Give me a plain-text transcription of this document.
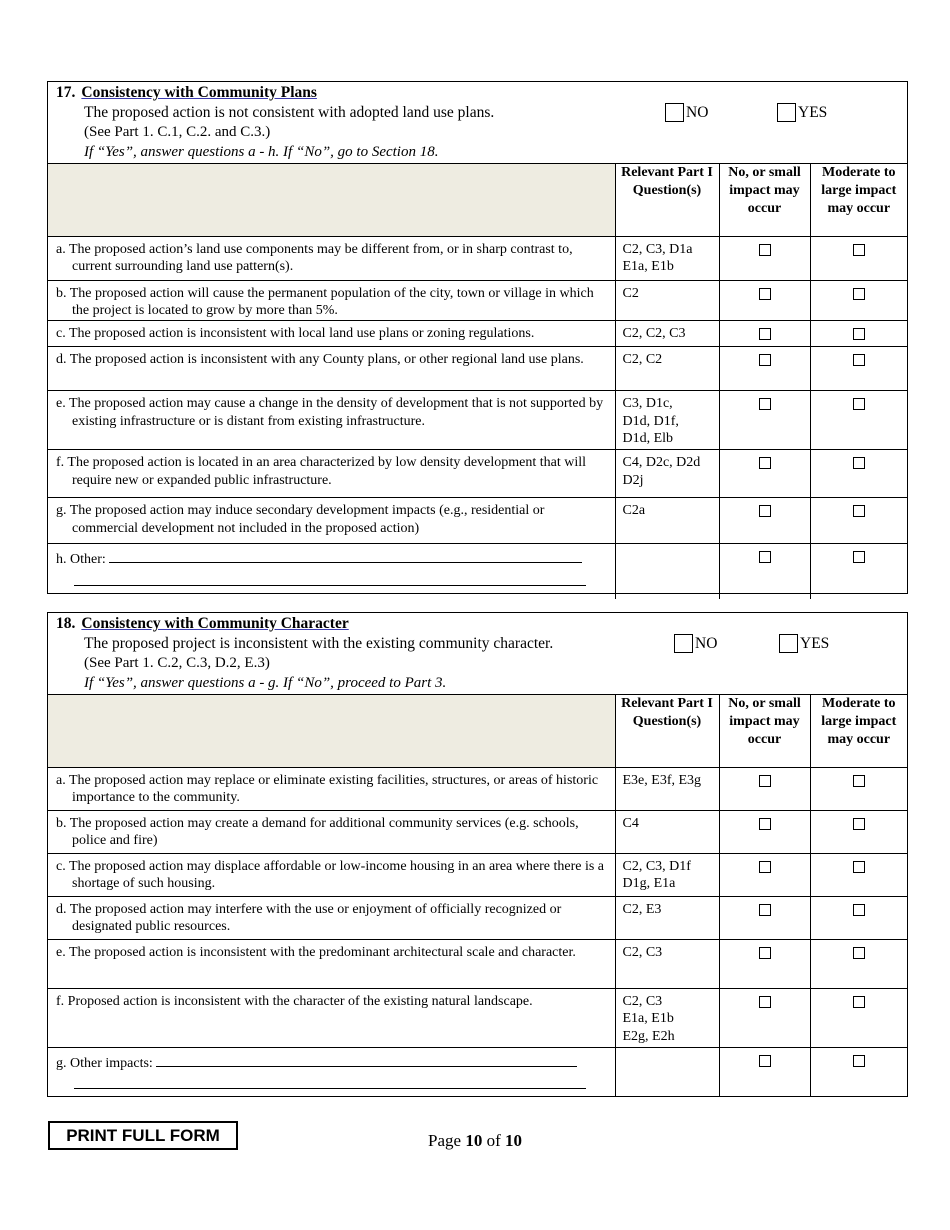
17. Consistency with Community Plans
The proposed action is not consistent with adopted land use plans.
(See Part 1. C.1, C.2. and C.3.)
If “Yes”, answer questions a - h. If “No”, go to Section 18.
NO	YES
	Relevant Part I Question(s)	No, or small impact may occur	Moderate to large impact may occur

a. The proposed action’s land use components may be different from, or in sharp contrast to, current surrounding land use pattern(s).	C2, C3, D1a
E1a, E1b		

b. The proposed action will cause the permanent population of the city, town or village in which the project is located to grow by more than 5%.	C2		

c. The proposed action is inconsistent with local land use plans or zoning regulations.	C2, C2, C3		

d. The proposed action is inconsistent with any County plans, or other regional land use plans.	C2, C2		

e. The proposed action may cause a change in the density of development that is not supported by existing infrastructure or is distant from existing infrastructure.	C3, D1c,
D1d, D1f,
D1d, Elb		

f. The proposed action is located in an area characterized by low density development that will require new or expanded public infrastructure.	C4, D2c, D2d
D2j		

g. The proposed action may induce secondary development impacts (e.g., residential or commercial development not included in the proposed action)	C2a		

h. Other:			

18. Consistency with Community Character
The proposed project is inconsistent with the existing community character.
(See Part 1. C.2, C.3, D.2, E.3)
If “Yes”, answer questions a - g. If “No”, proceed to Part 3.
NO	YES
	Relevant Part I Question(s)	No, or small impact may occur	Moderate to large impact may occur

a. The proposed action may replace or eliminate existing facilities, structures, or areas of historic importance to the community.	E3e, E3f, E3g		

b. The proposed action may create a demand for additional community services (e.g. schools, police and fire)	C4		

c. The proposed action may displace affordable or low-income housing in an area where there is a shortage of such housing.	C2, C3, D1f
D1g, E1a		

d. The proposed action may interfere with the use or enjoyment of officially recognized or designated public resources.	C2, E3		

e. The proposed action is inconsistent with the predominant architectural scale and character.	C2, C3		

f. Proposed action is inconsistent with the character of the existing natural landscape.	C2, C3
E1a, E1b
E2g, E2h		

g. Other impacts:			

PRINT FULL FORM	Page 10 of 10
